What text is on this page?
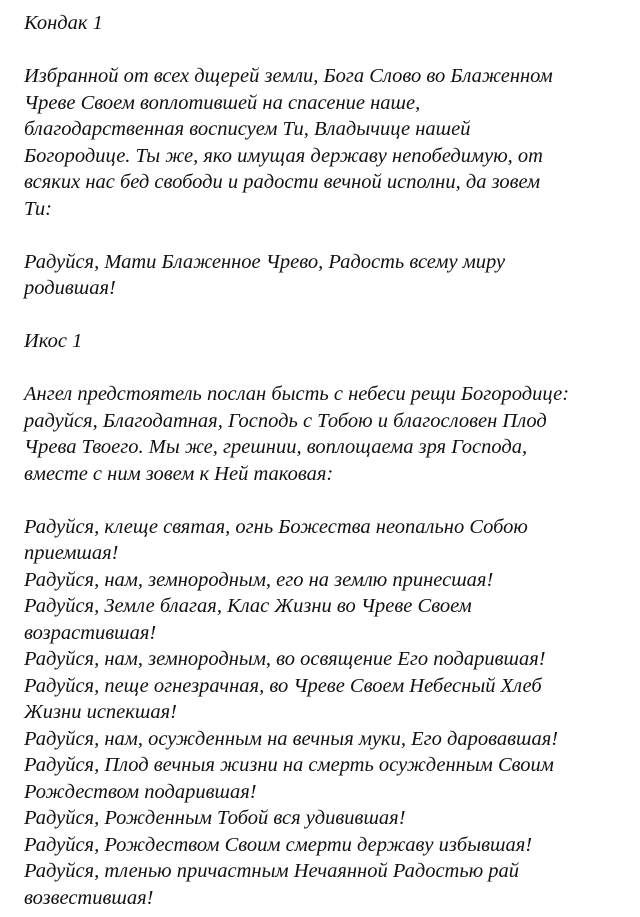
Кондак 1
Избранной от всех дщерей земли, Бога Слово во Блаженном
Чреве Своем воплотившей на спасение наше,
благодарственная восписуем Ти, Владычице нашей
Богородице. Ты же, яко имущая державу непобедимую, от
всяких нас бед свободи и радости вечной исполни, да зовем
Ти:
Радуйся, Мати Блаженное Чрево, Радость всему миру
родившая!
Икос 1
Ангел предстоятель послан бысть с небеси рещи Богородице:
радуйся, Благодатная, Господь с Тобою и благословен Плод
Чрева Твоего. Мы же, грешнии, воплощаема зря Господа,
вместе с ним зовем к Ней таковая:
Радуйся, клеще святая, огнь Божества неопально Собою
приемшая!
Радуйся, нам, земнородным, его на землю принесшая!
Радуйся, Земле благая, Клас Жизни во Чреве Своем
возрастившая!
Радуйся, нам, земнородным, во освящение Его подарившая!
Радуйся, пеще огнезрачная, во Чреве Своем Небесный Хлеб
Жизни испекшая!
Радуйся, нам, осужденным на вечныя муки, Его даровавшая!
Радуйся, Плод вечныя жизни на смерть осужденным Своим
Рождеством подарившая!
Радуйся, Рожденным Тобой вся удивившая!
Радуйся, Рождеством Своим смерти державу избывшая!
Радуйся, тленью причастным Нечаянной Радостью рай
возвестившая!
